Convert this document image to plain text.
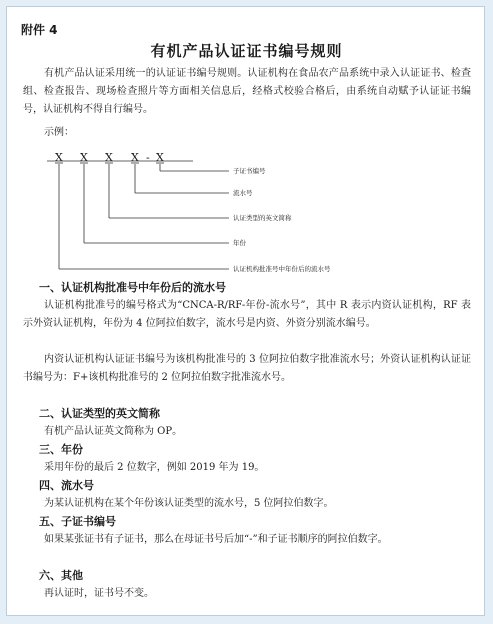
附件 4
有机产品认证证书编号规则
有机产品认证采用统一的认证证书编号规则。认证机构在食品农产品系统中录入认证证书、检查组、检查报告、现场检查照片等方面相关信息后，经格式校验合格后，由系统自动赋予认证证书编号，认证机构不得自行编号。
示例：
X X X X - X
子证书编号
流水号
认证类型的英文简称
年份
认证机构批准号中年份后的流水号
一、认证机构批准号中年份后的流水号
认证机构批准号的编号格式为“CNCA-R/RF-年份-流水号”，其中 R 表示内资认证机构，RF 表示外资认证机构，年份为 4 位阿拉伯数字，流水号是内资、外资分别流水编号。
内资认证机构认证证书编号为该机构批准号的 3 位阿拉伯数字批准流水号；外资认证机构认证证书编号为：F+该机构批准号的 2 位阿拉伯数字批准流水号。
二、认证类型的英文简称
有机产品认证英文简称为 OP。
三、年份
采用年份的最后 2 位数字，例如 2019 年为 19。
四、流水号
为某认证机构在某个年份该认证类型的流水号，5 位阿拉伯数字。
五、子证书编号
如果某张证书有子证书，那么在母证书号后加“-”和子证书顺序的阿拉伯数字。
六、其他
再认证时，证书号不变。
